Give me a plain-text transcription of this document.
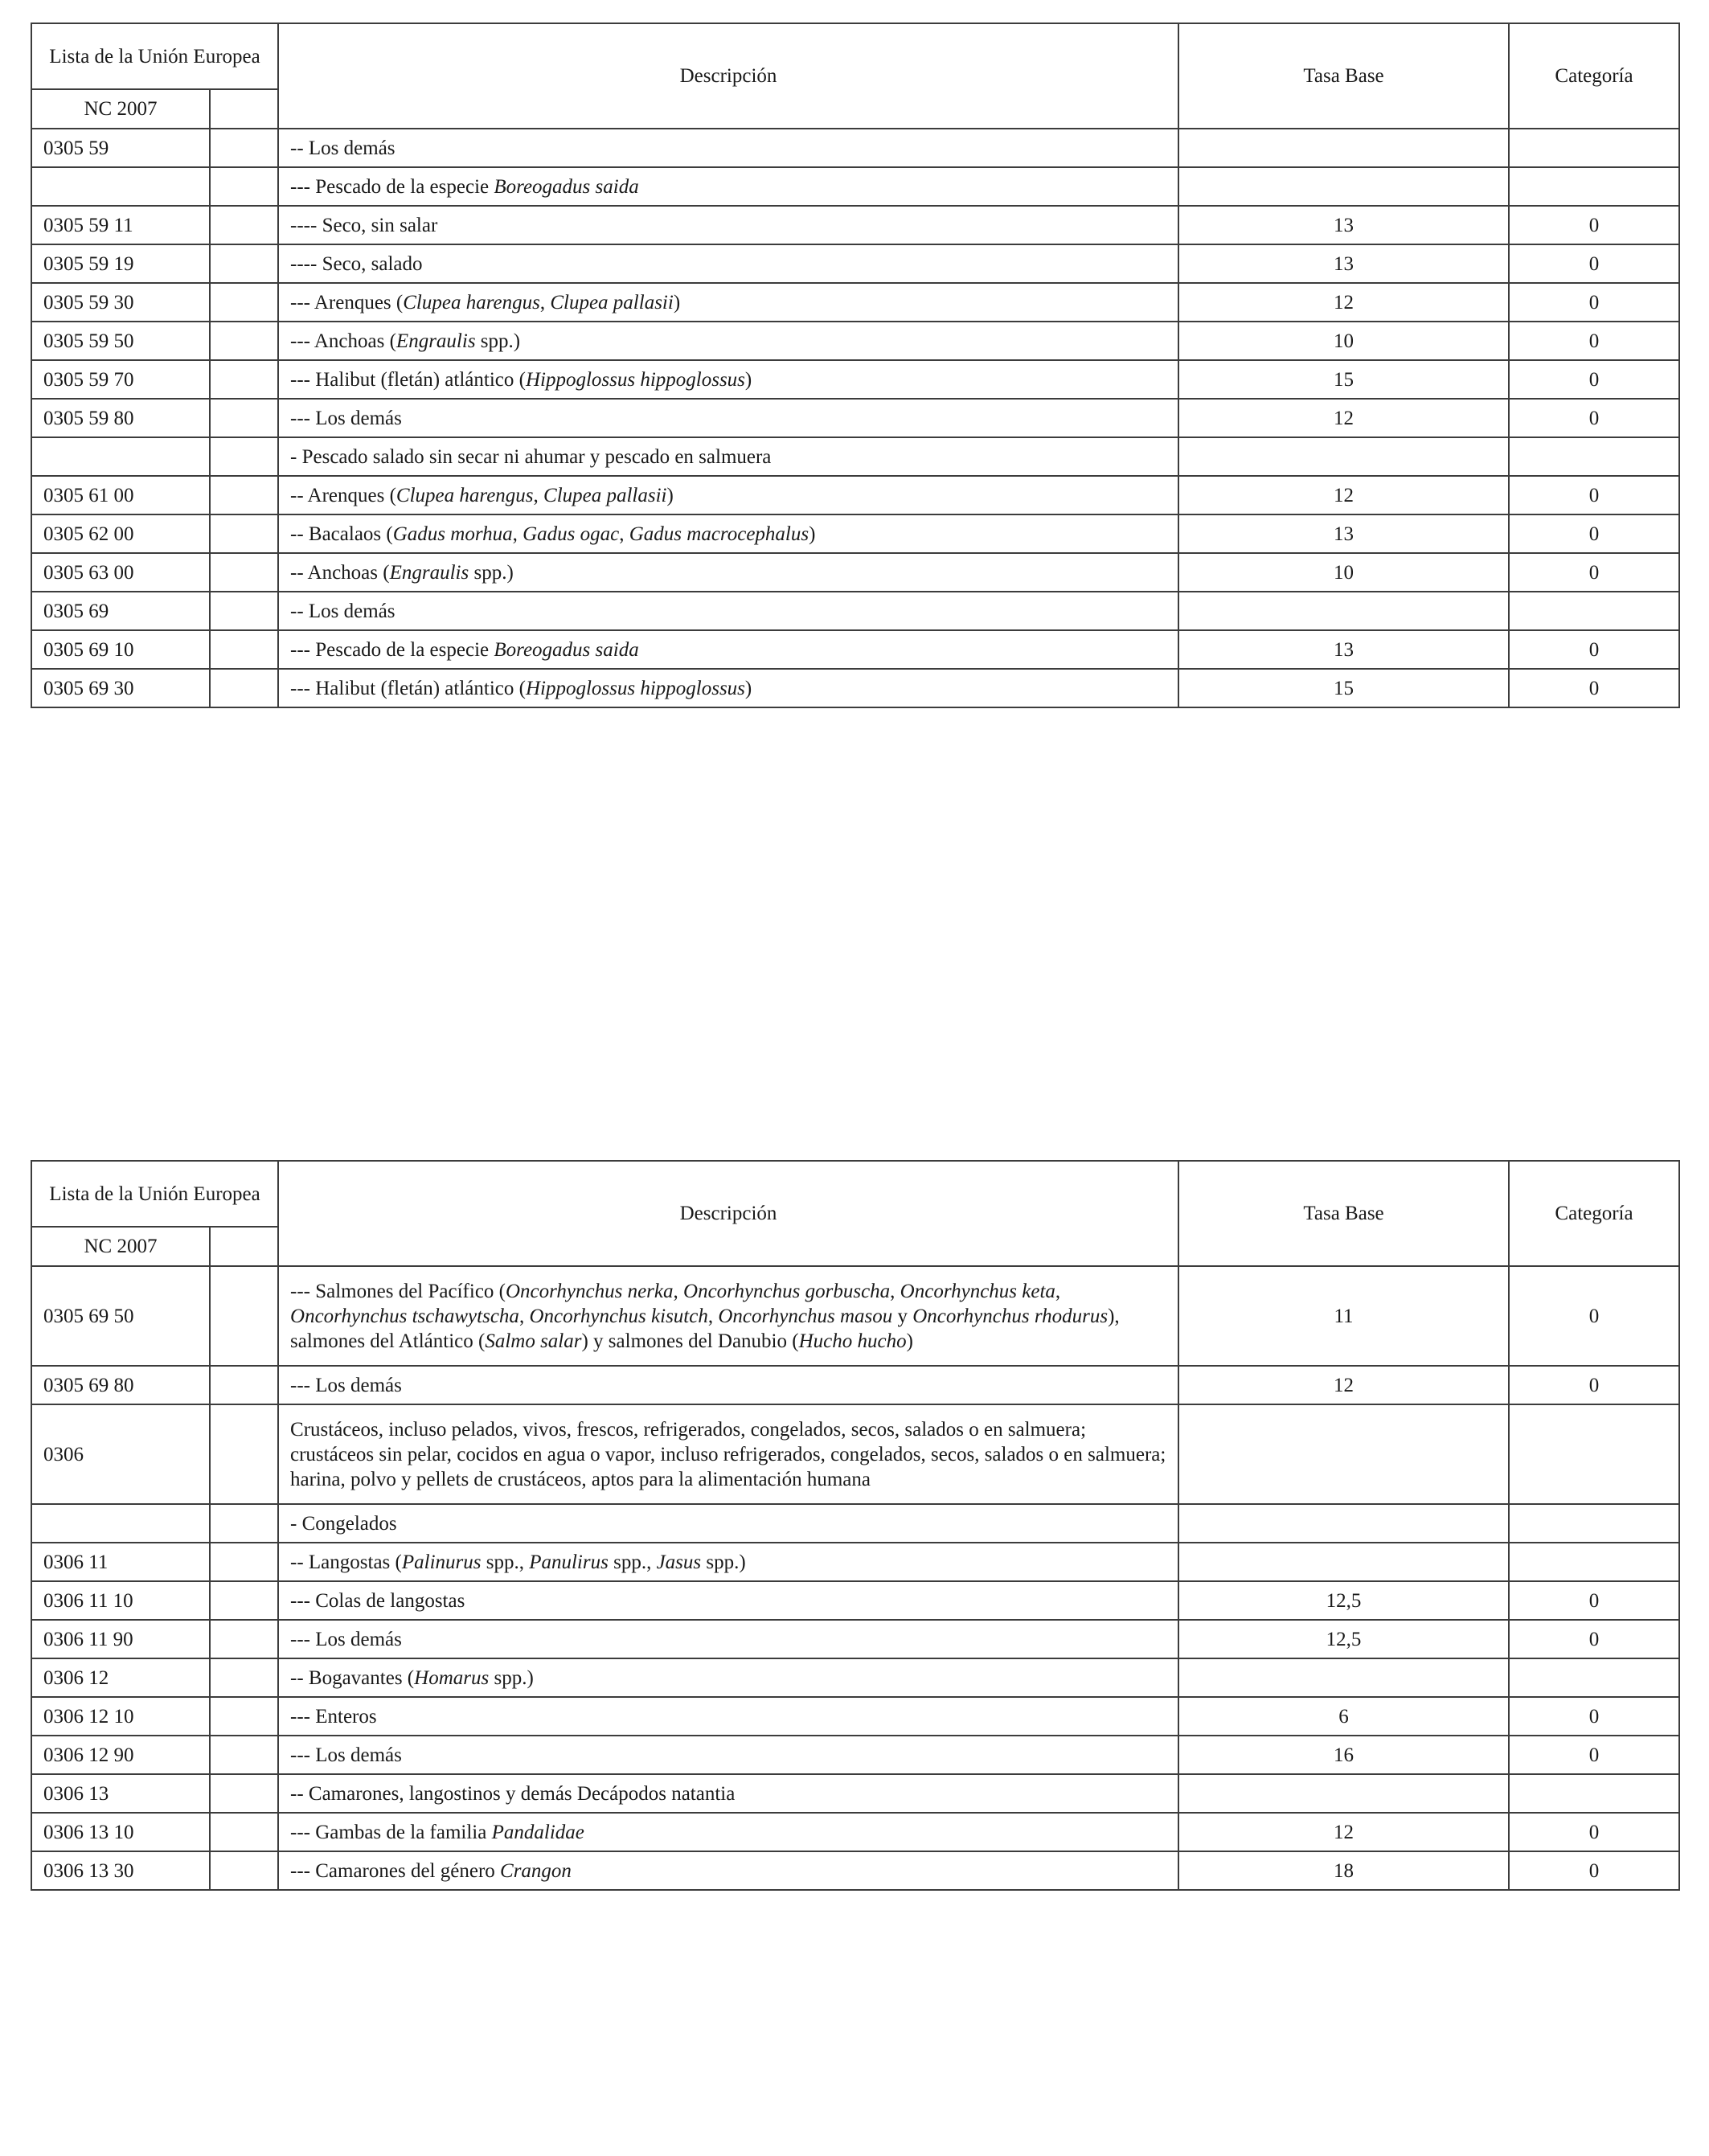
Lista de la Unión Europea		Descripción	Tasa Base	Categoría
NC 2007				
0305 59		-- Los demás		
		--- Pescado de la especie Boreogadus saida		
0305 59 11		---- Seco, sin salar	13	0
0305 59 19		---- Seco, salado	13	0
0305 59 30		--- Arenques (Clupea harengus, Clupea pallasii)	12	0
0305 59 50		--- Anchoas (Engraulis spp.)	10	0
0305 59 70		--- Halibut (fletán) atlántico (Hippoglossus hippoglossus)	15	0
0305 59 80		--- Los demás	12	0
		- Pescado salado sin secar ni ahumar y pescado en salmuera		
0305 61 00		-- Arenques (Clupea harengus, Clupea pallasii)	12	0
0305 62 00		-- Bacalaos (Gadus morhua, Gadus ogac, Gadus macrocephalus)	13	0
0305 63 00		-- Anchoas (Engraulis spp.)	10	0
0305 69		-- Los demás		
0305 69 10		--- Pescado de la especie Boreogadus saida	13	0
0305 69 30		--- Halibut (fletán) atlántico (Hippoglossus hippoglossus)	15	0
Lista de la Unión Europea		Descripción	Tasa Base	Categoría
NC 2007				
0305 69 50		--- Salmones del Pacífico (Oncorhynchus nerka, Oncorhynchus gorbuscha, Oncorhynchus keta, Oncorhynchus tschawytscha, Oncorhynchus kisutch, Oncorhynchus masou y Oncorhynchus rhodurus), salmones del Atlántico (Salmo salar) y salmones del Danubio (Hucho hucho)	11	0
0305 69 80		--- Los demás	12	0
0306		Crustáceos, incluso pelados, vivos, frescos, refrigerados, congelados, secos, salados o en salmuera; crustáceos sin pelar, cocidos en agua o vapor, incluso refrigerados, congelados, secos, salados o en salmuera; harina, polvo y pellets de crustáceos, aptos para la alimentación humana		
		- Congelados		
0306 11		-- Langostas (Palinurus spp., Panulirus spp., Jasus spp.)		
0306 11 10		--- Colas de langostas	12,5	0
0306 11 90		--- Los demás	12,5	0
0306 12		-- Bogavantes (Homarus spp.)		
0306 12 10		--- Enteros	6	0
0306 12 90		--- Los demás	16	0
0306 13		-- Camarones, langostinos y demás Decápodos natantia		
0306 13 10		--- Gambas de la familia Pandalidae	12	0
0306 13 30		--- Camarones del género Crangon	18	0
